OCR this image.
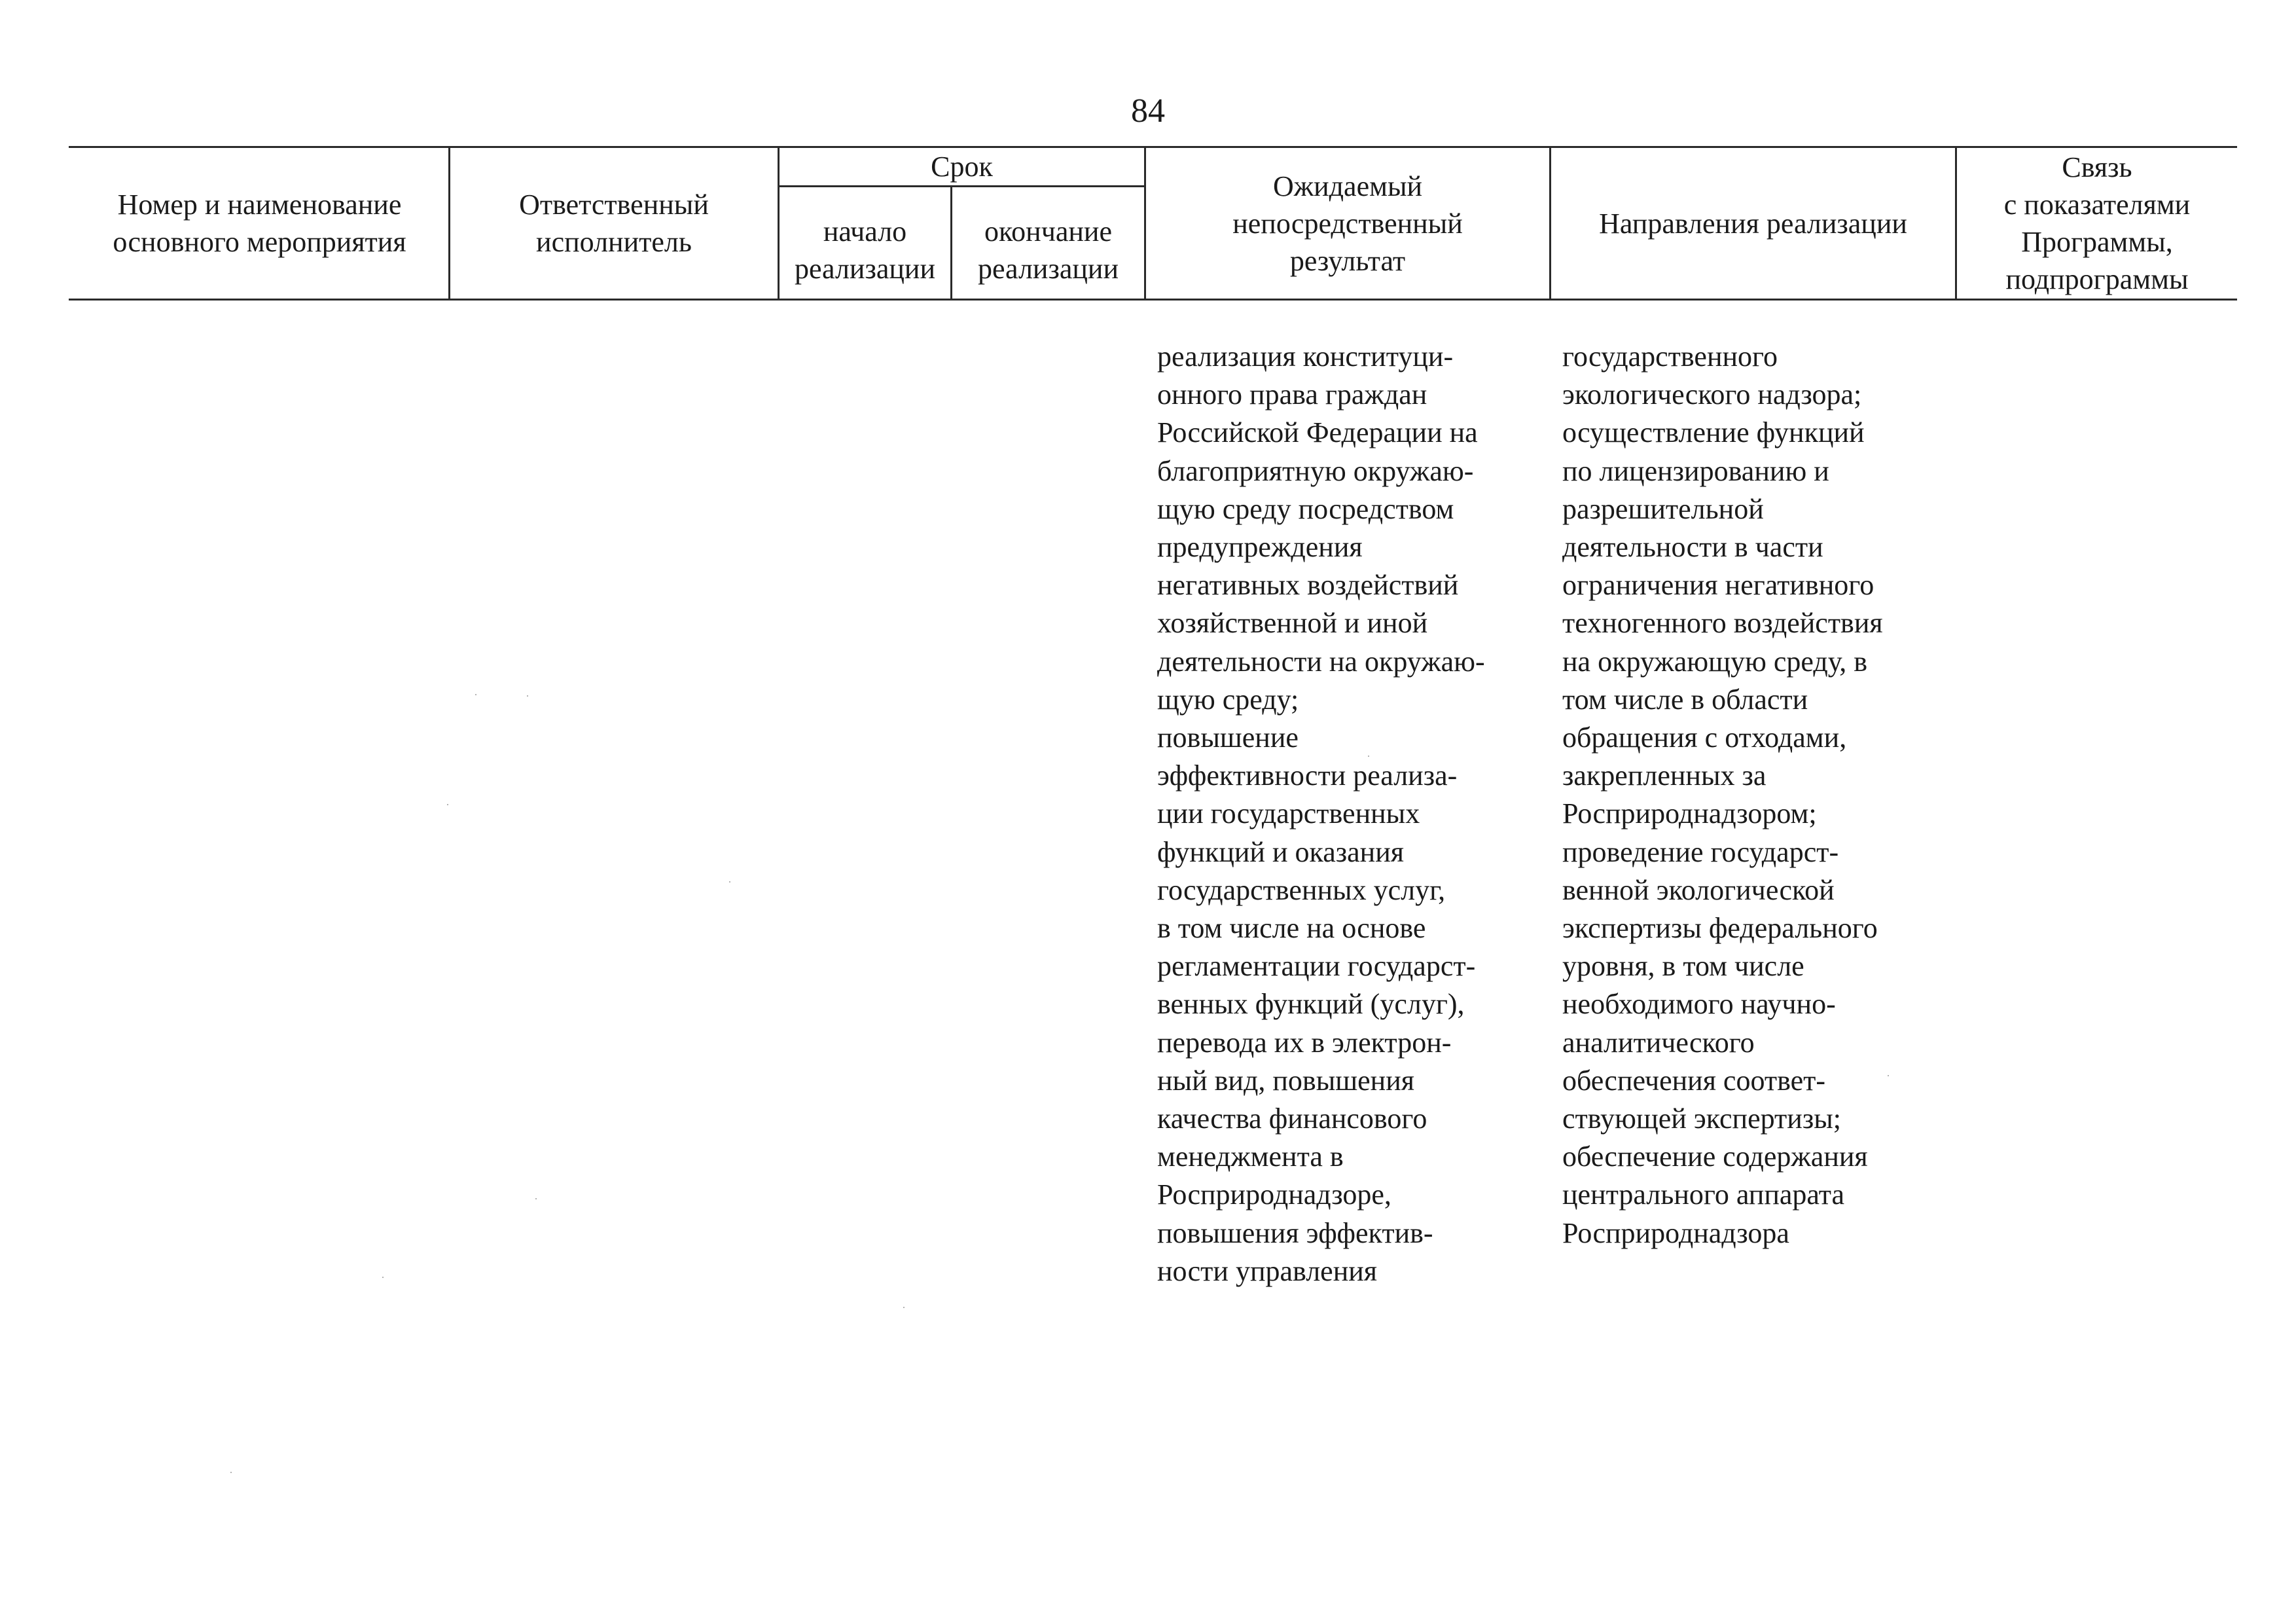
84
Номер и наименование
основного мероприятия
Ответственный
исполнитель
Срок
начало
реализации
окончание
реализации
Ожидаемый
непосредственный
результат
Направления реализации
Связь
с показателями
Программы,
подпрограммы
реализация конституци-
онного права граждан
Российской Федерации на
благоприятную окружаю-
щую среду посредством
предупреждения
негативных воздействий
хозяйственной и иной
деятельности на окружаю-
щую среду;
повышение
эффективности реализа-
ции государственных
функций и оказания
государственных услуг,
в том числе на основе
регламентации государст-
венных функций (услуг),
перевода их в электрон-
ный вид, повышения
качества финансового
менеджмента в
Росприроднадзоре,
повышения эффектив-
ности управления
государственного
экологического надзора;
осуществление функций
по лицензированию и
разрешительной
деятельности в части
ограничения негативного
техногенного воздействия
на окружающую среду, в
том числе в области
обращения с отходами,
закрепленных за
Росприроднадзором;
проведение государст-
венной экологической
экспертизы федерального
уровня, в том числе
необходимого научно-
аналитического
обеспечения соответ-
ствующей экспертизы;
обеспечение содержания
центрального аппарата
Росприроднадзора
